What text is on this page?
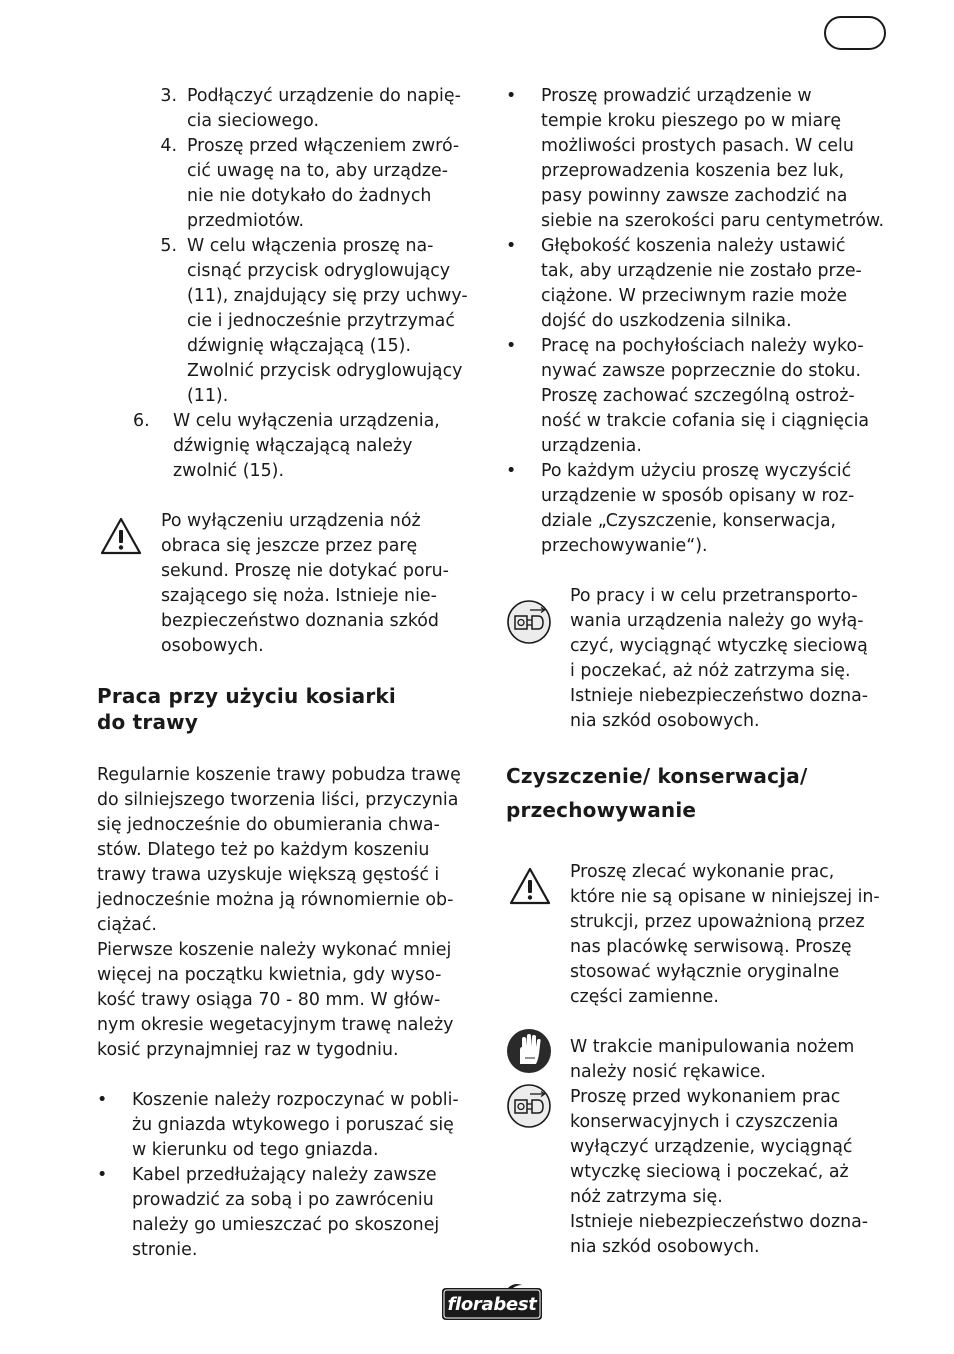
3. Podłączyć urządzenie do napię-
cia sieciowego.
4. Proszę przed włączeniem zwró-
cić uwagę na to, aby urządze-
nie nie dotykało do żadnych
przedmiotów.
5. W celu włączenia proszę na-
cisnąć przycisk odryglowujący
(11), znajdujący się przy uchwy-
cie i jednocześnie przytrzymać
dźwignię włączającą (15).
Zwolnić przycisk odryglowujący
(11).
6.	W celu wyłączenia urządzenia,
dźwignię włączającą należy
zwolnić (15).
Po wyłączeniu urządzenia nóż
obraca się jeszcze przez parę
sekund. Proszę nie dotykać poru-
szającego się noża. Istnieje nie-
bezpieczeństwo doznania szkód
osobowych.
Praca przy użyciu kosiarki
do trawy
Regularnie koszenie trawy pobudza trawę
do silniejszego tworzenia liści, przyczynia
się jednocześnie do obumierania chwa-
stów. Dlatego też po każdym koszeniu
trawy trawa uzyskuje większą gęstość i
jednocześnie można ją równomiernie ob-
ciążać.
Pierwsze koszenie należy wykonać mniej
więcej na początku kwietnia, gdy wyso-
kość trawy osiąga 70 - 80 mm. W głów-
nym okresie wegetacyjnym trawę należy
kosić przynajmniej raz w tygodniu.
•	Koszenie należy rozpoczynać w pobli-
żu gniazda wtykowego i poruszać się
w kierunku od tego gniazda.
•	Kabel przedłużający należy zawsze
prowadzić za sobą i po zawróceniu
należy go umieszczać po skoszonej
stronie.
•	Proszę prowadzić urządzenie w
tempie kroku pieszego po w miarę
możliwości prostych pasach. W celu
przeprowadzenia koszenia bez luk,
pasy powinny zawsze zachodzić na
siebie na szerokości paru centymetrów.
•	Głębokość koszenia należy ustawić
tak, aby urządzenie nie zostało prze-
ciążone. W przeciwnym razie może
dojść do uszkodzenia silnika.
•	Pracę na pochyłościach należy wyko-
nywać zawsze poprzecznie do stoku.
Proszę zachować szczególną ostroż-
ność w trakcie cofania się i ciągnięcia
urządzenia.
•	Po każdym użyciu proszę wyczyścić
urządzenie w sposób opisany w roz-
dziale „Czyszczenie, konserwacja,
przechowywanie“).
Po pracy i w celu przetransporto-
wania urządzenia należy go wyłą-
czyć, wyciągnąć wtyczkę sieciową
i poczekać, aż nóż zatrzyma się.
Istnieje niebezpieczeństwo dozna-
nia szkód osobowych.
Czyszczenie/ konserwacja/
przechowywanie
Proszę zlecać wykonanie prac,
które nie są opisane w niniejszej in-
strukcji, przez upoważnioną przez
nas placówkę serwisową. Proszę
stosować wyłącznie oryginalne
części zamienne.
W trakcie manipulowania nożem
należy nosić rękawice.
Proszę przed wykonaniem prac
konserwacyjnych i czyszczenia
wyłączyć urządzenie, wyciągnąć
wtyczkę sieciową i poczekać, aż
nóż zatrzyma się.
Istnieje niebezpieczeństwo dozna-
nia szkód osobowych.
florabest
